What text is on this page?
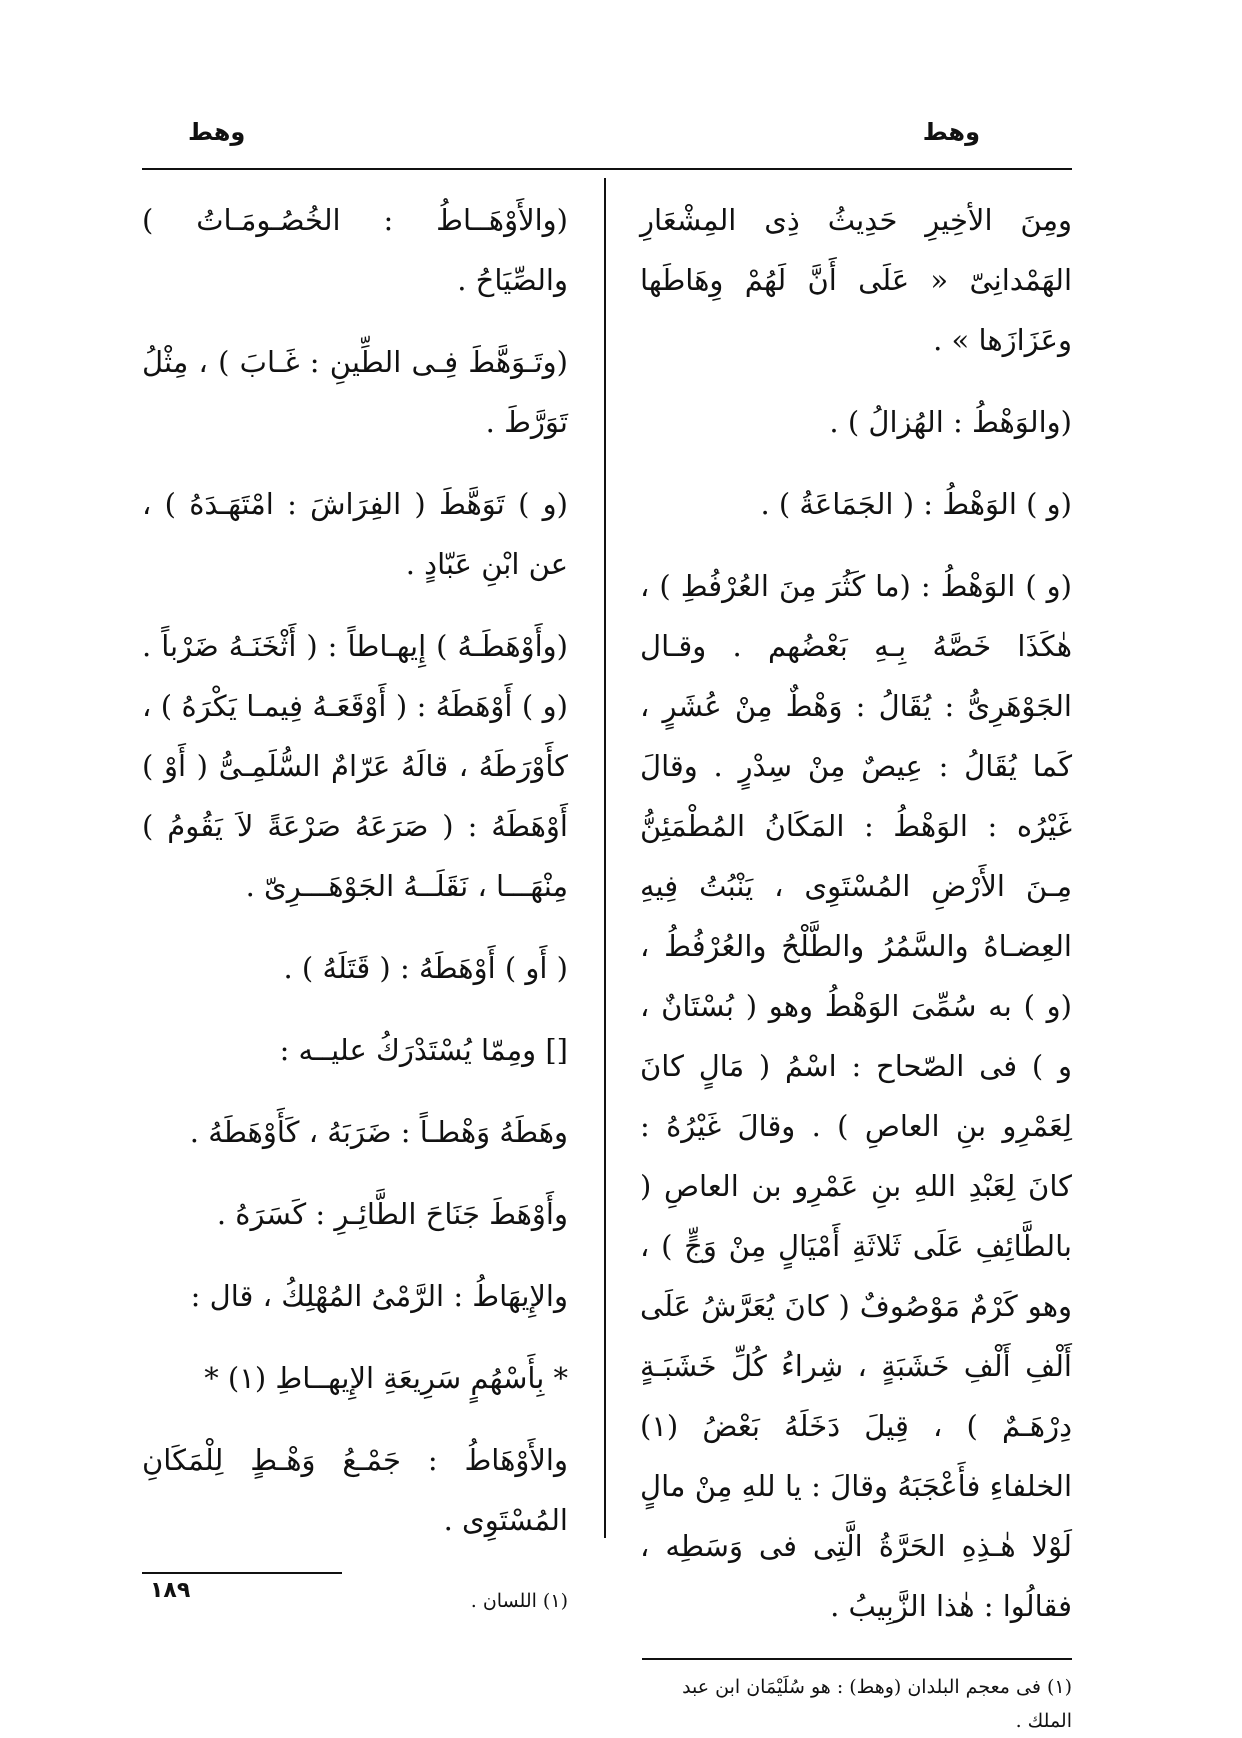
وهط
وهط

ومِنَ الأخِيرِ حَدِيثُ ذِى المِشْعَارِ الهَمْدانِىّ « عَلَى أَنَّ لَهُمْ وِهَاطَها وعَزَازَها » .

(والوَهْطُ : الهُزالُ ) .

(و ) الوَهْطُ : ( الجَمَاعَةُ ) .

(و ) الوَهْطُ : (ما كَثُرَ مِنَ العُرْفُطِ ) ، هٰكَذَا خَصَّهُ بِـهِ بَعْضُهم . وقـال الجَوْهَرِىُّ : يُقَالُ : وَهْطٌ مِنْ عُشَرٍ ، كَما يُقَالُ : عِيصٌ مِنْ سِدْرٍ . وقالَ غَيْرُه : الوَهْطُ : المَكَانُ المُطْمَئِنُّ مِـنَ الأَرْضِ المُسْتَوِى ، يَنْبُتُ فِيهِ العِضـاهُ والسَّمُرُ والطَّلْحُ والعُرْفُطُ ، (و ) به سُمِّىَ الوَهْطُ وهو ( بُسْتَانٌ ، و ) فى الصّحاح : اسْمُ ( مَالٍ كانَ لِعَمْرِو بنِ العاصِ ) . وقالَ غَيْرُهُ : كانَ لِعَبْدِ اللهِ بنِ عَمْرِو بن العاصِ ( بالطَّائِفِ عَلَى ثَلاثَةِ أَمْيَالٍ مِنْ وَجٍّ ) ، وهو كَرْمٌ مَوْصُوفٌ ( كانَ يُعَرَّشُ عَلَى أَلْفِ أَلْفِ خَشَبَةٍ ، شِراءُ كُلِّ خَشَبَـةٍ دِرْهَـمٌ ) ، قِيلَ دَخَلَهُ بَعْضُ (١) الخلفاءِ فأَعْجَبَهُ وقالَ : يا للهِ مِنْ مالٍ لَوْلا هٰـذِهِ الحَرَّةُ الَّتِى فى وَسَطِه ، فقالُوا : هٰذا الزَّبِيبُ .

(١) فى معجم البلدان (وهط) : هو سُلَيْمَان ابن عبد الملك .

(والأَوْهَــاطُ : الخُصُـومَـاتُ ) والصِّيَاحُ .

(وتَـوَهَّطَ فِـى الطِّينِ : غَـابَ ) ، مِثْلُ تَوَرَّطَ .

(و ) تَوَهَّطَ ( الفِرَاشَ : امْتَهَـدَهُ ) ، عن ابْنِ عَبّادٍ .

(وأَوْهَطَـهُ ) إِيهـاطاً : ( أَثْخَنَـهُ ضَرْباً . (و ) أَوْهَطَهُ : ( أَوْقَعَـهُ فِيمـا يَكْرَهُ ) ، كأَوْرَطَهُ ، قالَهُ عَرّامٌ السُّلَمِـىُّ ( أَوْ ) أَوْهَطَهُ : ( صَرَعَهُ صَرْعَةً لاَ يَقُومُ ) مِنْهَـــا ، نَقَلَــهُ الجَوْهَـــرِىّ .

( أَو ) أَوْهَطَهُ : ( قَتَلَهُ ) .

[] ومِمّا يُسْتَدْرَكُ عليــه :

وهَطَهُ وَهْطـاً : ضَرَبَهُ ، كَأَوْهَطَهُ .

وأَوْهَطَ جَنَاحَ الطَّائِـرِ : كَسَرَهُ .

والإِيهَاطُ : الرَّمْىُ المُهْلِكُ ، قال :

* بِأَسْهُمٍ سَرِيعَةِ الإِيهــاطِ (١) *

والأَوْهَاطُ : جَمْـعُ وَهْـطٍ لِلْمَكَانِ المُسْتَوِى .

(١) اللسان .

١٨٩
